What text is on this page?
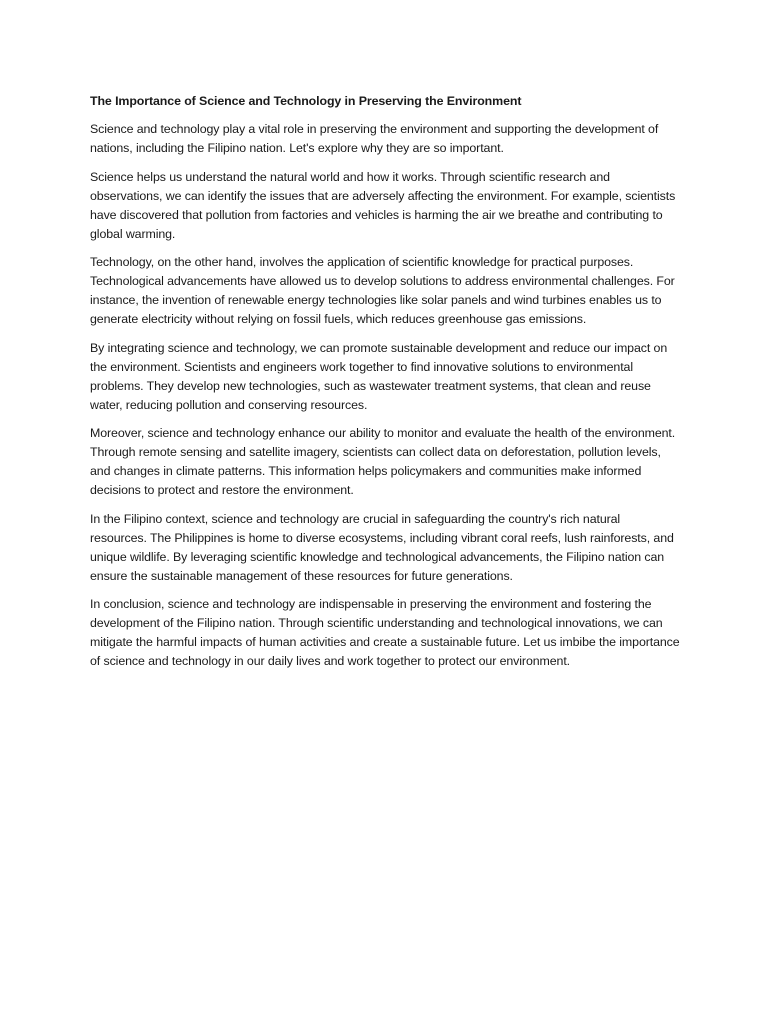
The Importance of Science and Technology in Preserving the Environment

Science and technology play a vital role in preserving the environment and supporting the development of nations, including the Filipino nation. Let's explore why they are so important.

Science helps us understand the natural world and how it works. Through scientific research and observations, we can identify the issues that are adversely affecting the environment. For example, scientists have discovered that pollution from factories and vehicles is harming the air we breathe and contributing to global warming.

Technology, on the other hand, involves the application of scientific knowledge for practical purposes. Technological advancements have allowed us to develop solutions to address environmental challenges. For instance, the invention of renewable energy technologies like solar panels and wind turbines enables us to generate electricity without relying on fossil fuels, which reduces greenhouse gas emissions.

By integrating science and technology, we can promote sustainable development and reduce our impact on the environment. Scientists and engineers work together to find innovative solutions to environmental problems. They develop new technologies, such as wastewater treatment systems, that clean and reuse water, reducing pollution and conserving resources.

Moreover, science and technology enhance our ability to monitor and evaluate the health of the environment. Through remote sensing and satellite imagery, scientists can collect data on deforestation, pollution levels, and changes in climate patterns. This information helps policymakers and communities make informed decisions to protect and restore the environment.

In the Filipino context, science and technology are crucial in safeguarding the country's rich natural resources. The Philippines is home to diverse ecosystems, including vibrant coral reefs, lush rainforests, and unique wildlife. By leveraging scientific knowledge and technological advancements, the Filipino nation can ensure the sustainable management of these resources for future generations.

In conclusion, science and technology are indispensable in preserving the environment and fostering the development of the Filipino nation. Through scientific understanding and technological innovations, we can mitigate the harmful impacts of human activities and create a sustainable future. Let us imbibe the importance of science and technology in our daily lives and work together to protect our environment.
